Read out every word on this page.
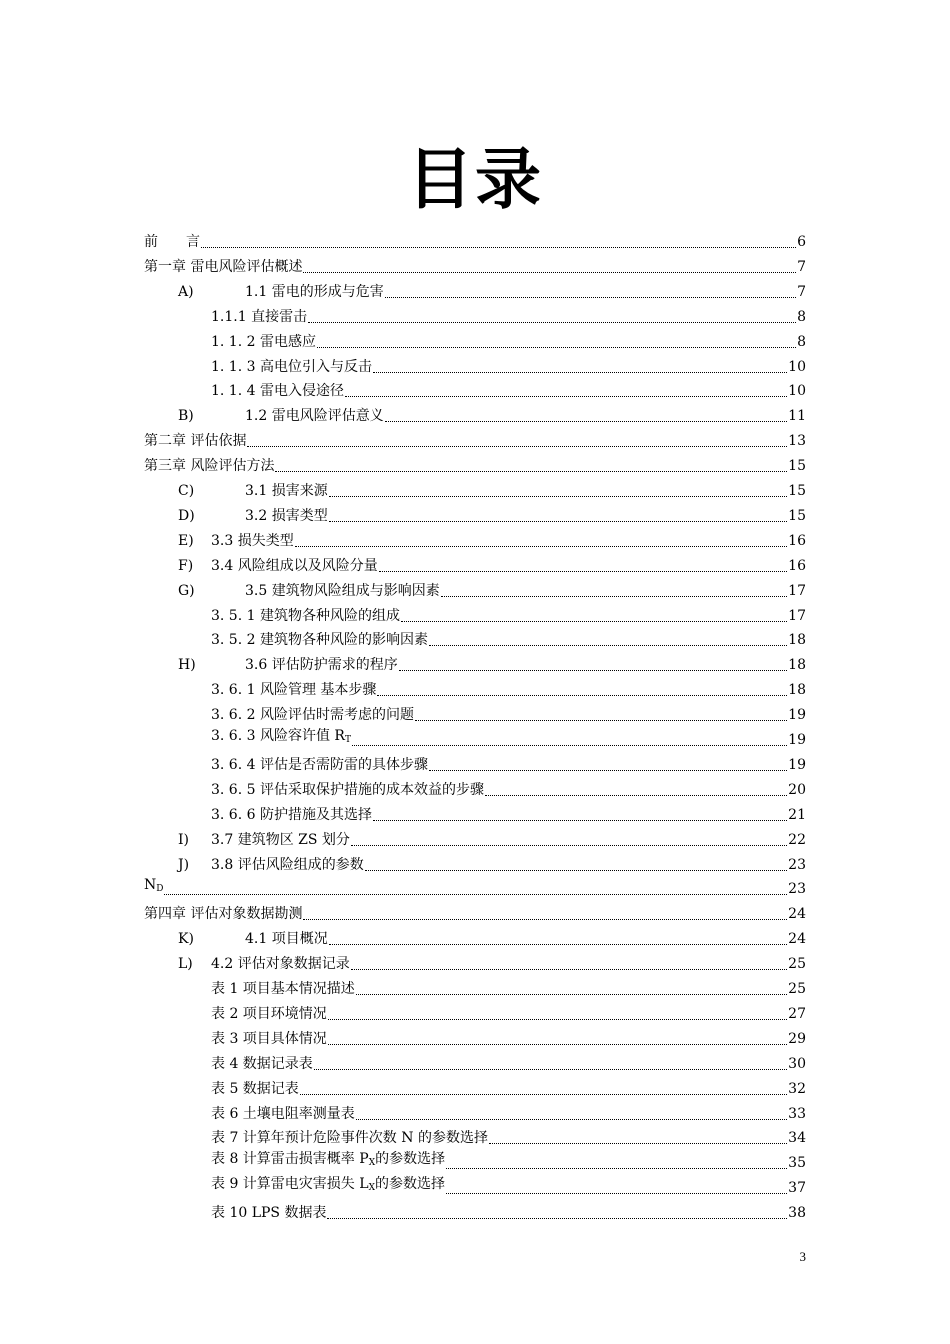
目录
前　　言	6
第一章 雷电风险评估概述	7
A)	1.1 雷电的形成与危害	7
1.1.1 直接雷击	8
1. 1. 2 雷电感应	8
1. 1. 3 高电位引入与反击	10
1. 1. 4 雷电入侵途径	10
B)	1.2 雷电风险评估意义	11
第二章 评估依据	13
第三章 风险评估方法	15
C)	3.1 损害来源	15
D)	3.2 损害类型	15
E)	3.3 损失类型	16
F)	3.4 风险组成以及风险分量	16
G)	3.5 建筑物风险组成与影响因素	17
3. 5. 1 建筑物各种风险的组成	17
3. 5. 2 建筑物各种风险的影响因素	18
H)	3.6 评估防护需求的程序	18
3. 6. 1 风险管理 基本步骤	18
3. 6. 2 风险评估时需考虑的问题	19
3. 6. 3 风险容许值 $R_T$	19
3. 6. 4 评估是否需防雷的具体步骤	19
3. 6. 5 评估采取保护措施的成本效益的步骤	20
3. 6. 6 防护措施及其选择	21
I)	3.7 建筑物区 ZS 划分	22
J)	3.8 评估风险组成的参数	23
$N_D$	23
第四章 评估对象数据勘测	24
K)	4.1 项目概况	24
L)	4.2 评估对象数据记录	25
表 1 项目基本情况描述	25
表 2 项目环境情况	27
表 3 项目具体情况	29
表 4 数据记录表	30
表 5 数据记表	32
表 6 土壤电阻率测量表	33
表 7 计算年预计危险事件次数 N 的参数选择	34
表 8 计算雷击损害概率 $P_X$的参数选择	35
表 9 计算雷电灾害损失 $L_X$的参数选择	37
表 10 LPS 数据表	38
3
